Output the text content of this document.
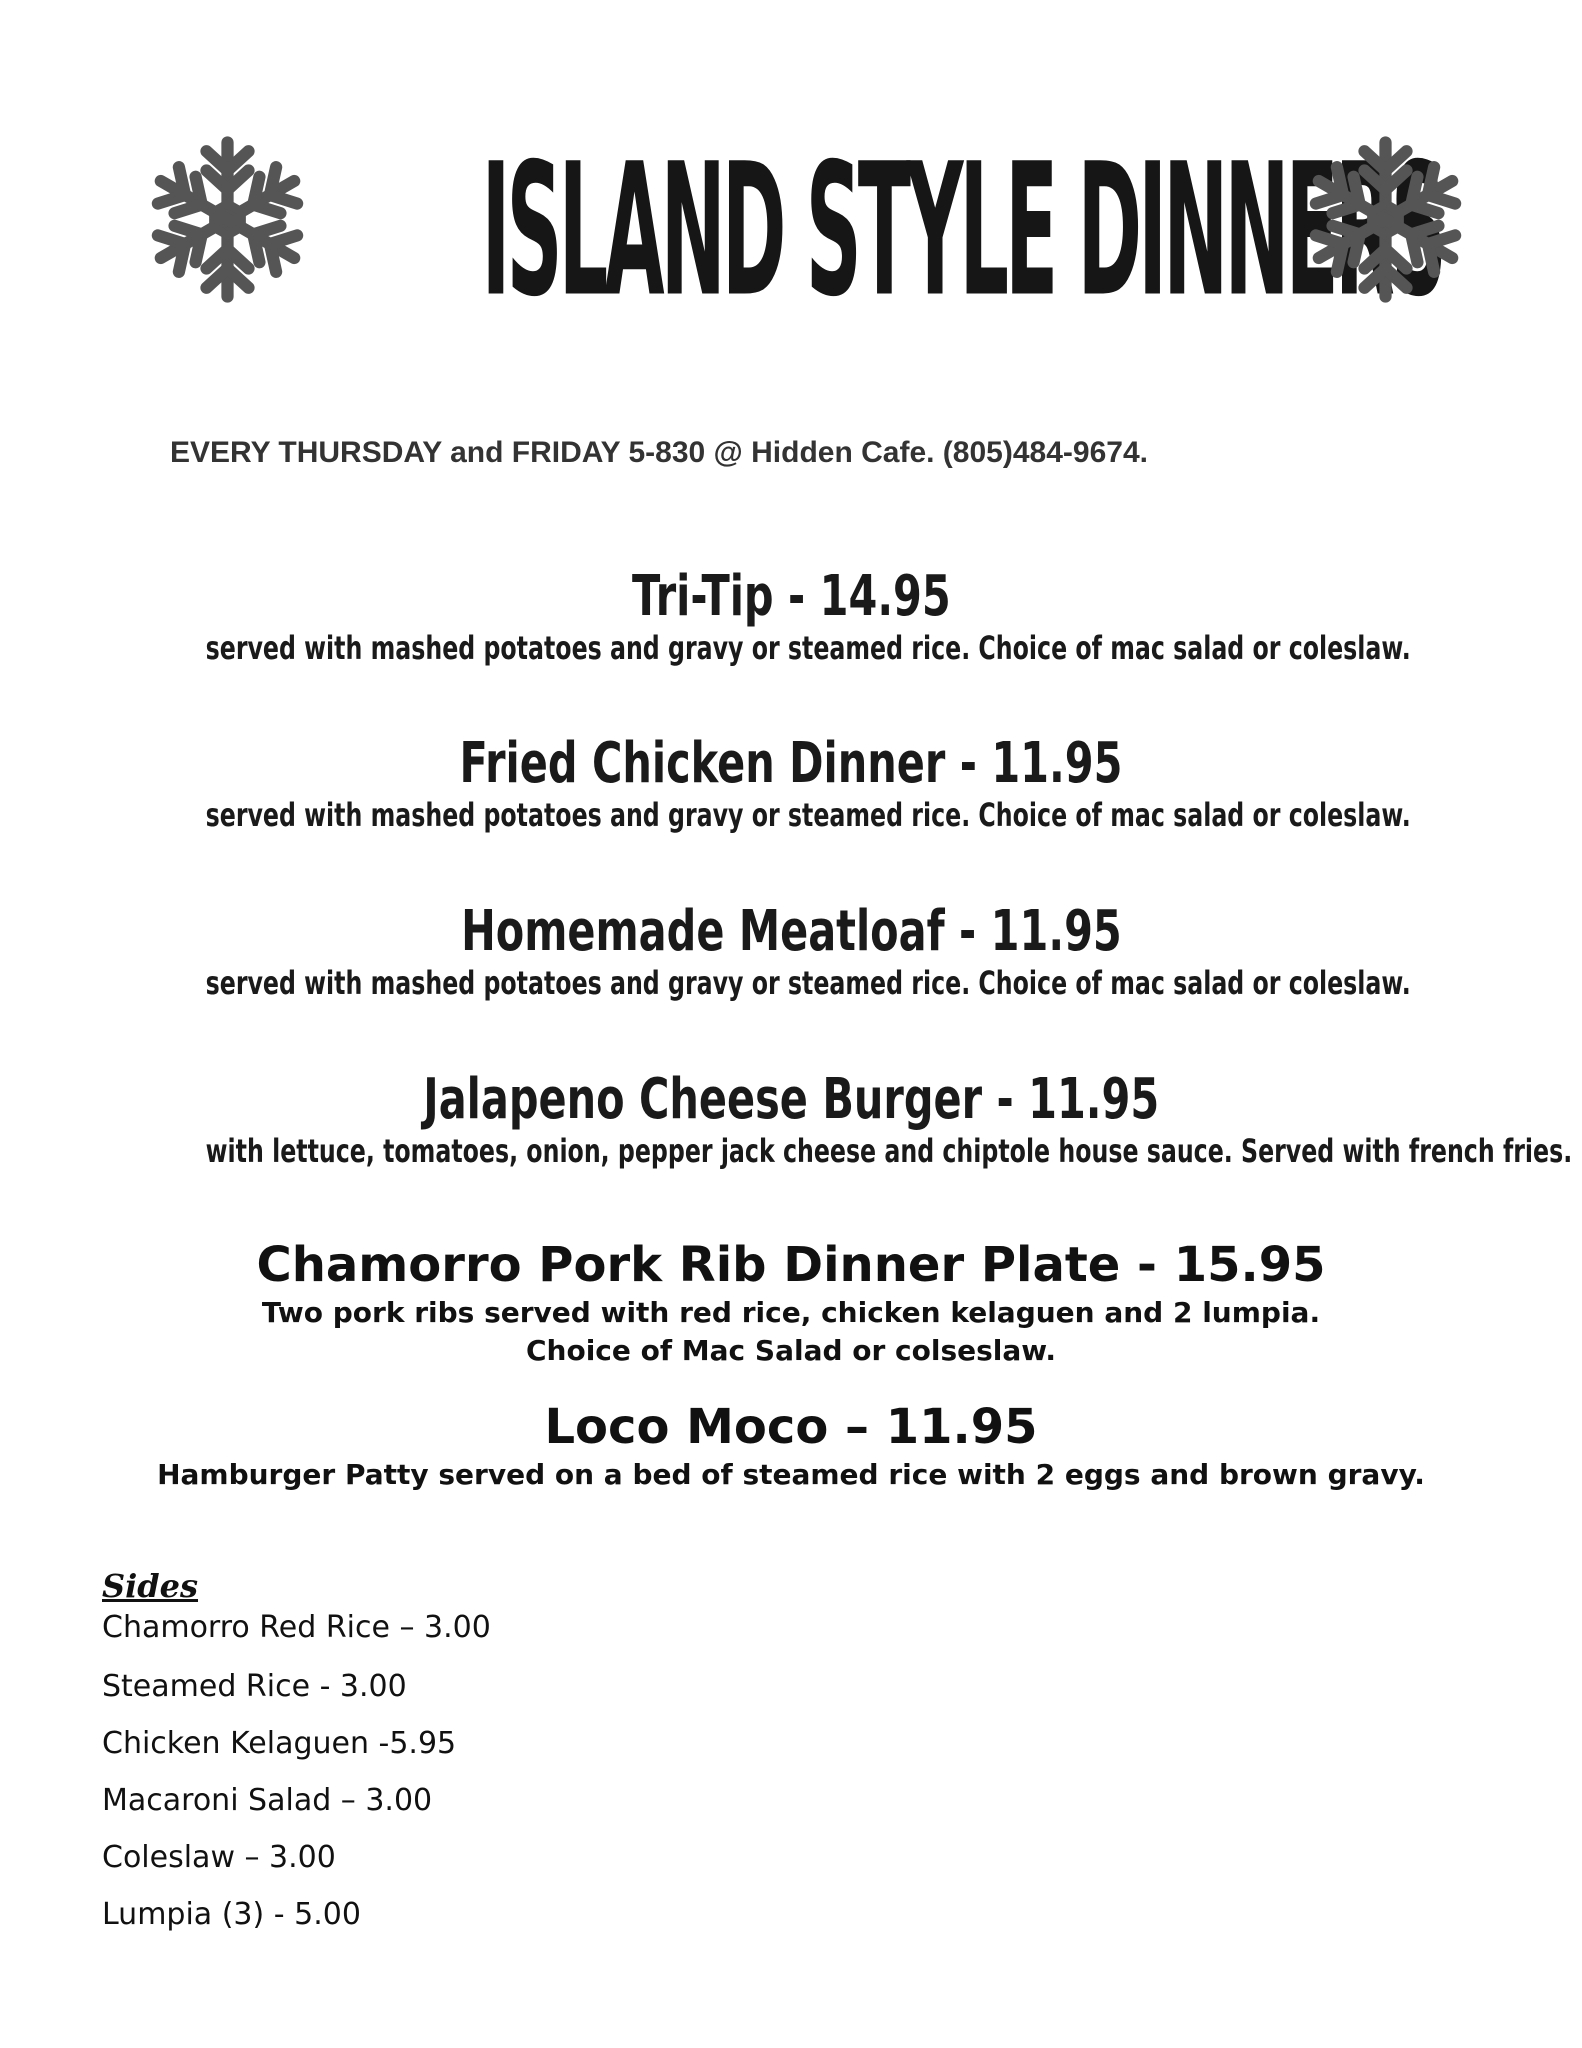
ISLAND STYLE DINNERS
EVERY THURSDAY and FRIDAY 5-830 @ Hidden Cafe. (805)484-9674.
Tri-Tip - 14.95
served with mashed potatoes and gravy or steamed rice. Choice of mac salad or coleslaw.
Fried Chicken Dinner - 11.95
served with mashed potatoes and gravy or steamed rice. Choice of mac salad or coleslaw.
Homemade Meatloaf - 11.95
served with mashed potatoes and gravy or steamed rice. Choice of mac salad or coleslaw.
Jalapeno Cheese Burger - 11.95
with lettuce, tomatoes, onion, pepper jack cheese and chiptole house sauce. Served with french fries.
Chamorro Pork Rib Dinner Plate - 15.95
Two pork ribs served with red rice, chicken kelaguen and 2 lumpia.
Choice of Mac Salad or colseslaw.
Loco Moco – 11.95
Hamburger Patty served on a bed of steamed rice with 2 eggs and brown gravy.
Sides
Chamorro Red Rice – 3.00
Steamed Rice - 3.00
Chicken Kelaguen -5.95
Macaroni Salad – 3.00
Coleslaw – 3.00
Lumpia (3) - 5.00
